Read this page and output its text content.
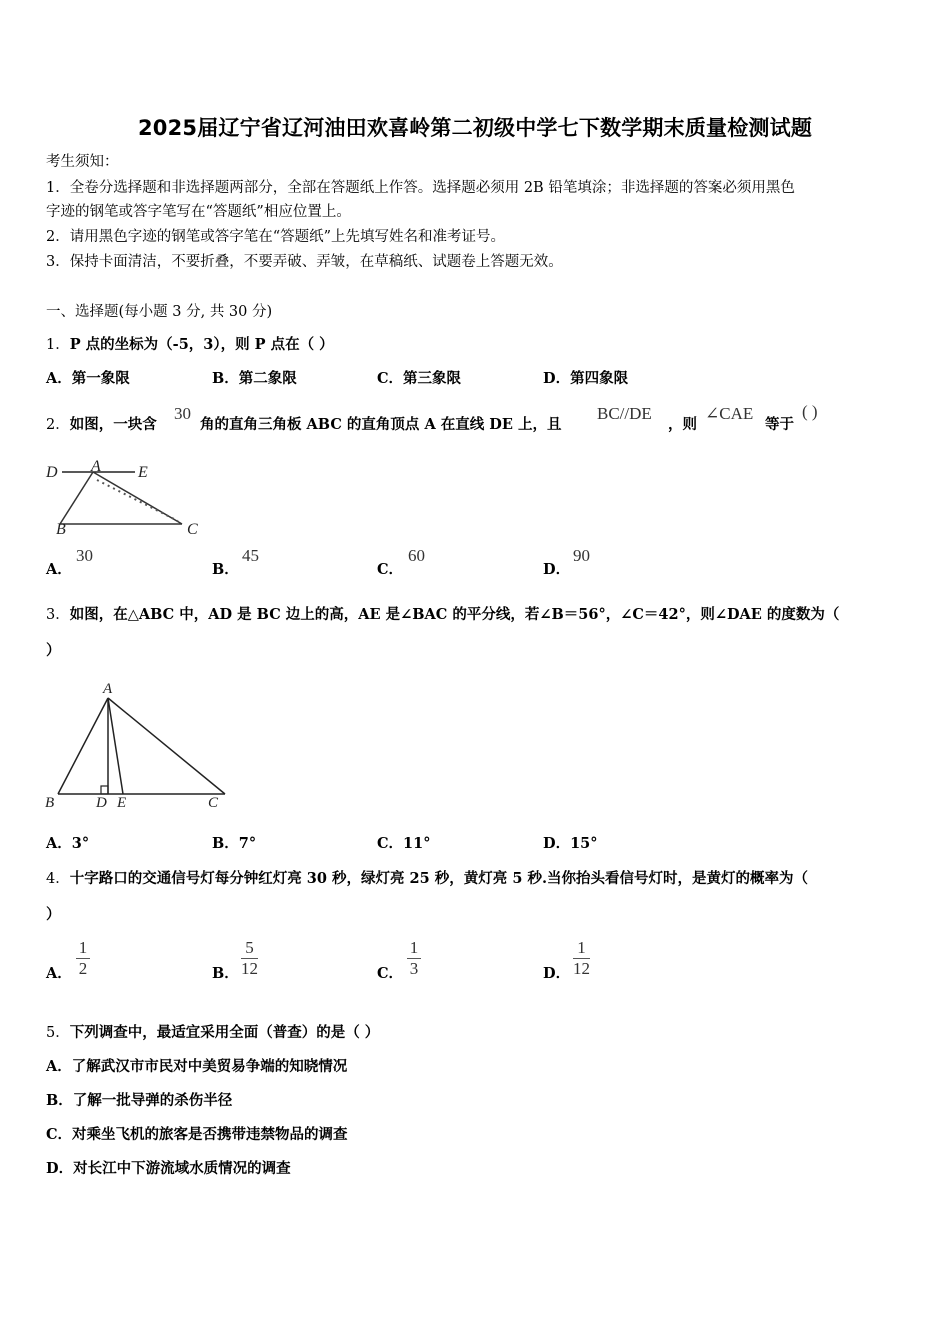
2025届辽宁省辽河油田欢喜岭第二初级中学七下数学期末质量检测试题
考生须知：
1．全卷分选择题和非选择题两部分，全部在答题纸上作答。选择题必须用 2B 铅笔填涂；非选择题的答案必须用黑色
字迹的钢笔或答字笔写在“答题纸”相应位置上。
2．请用黑色字迹的钢笔或答字笔在“答题纸”上先填写姓名和准考证号。
3．保持卡面清洁，不要折叠，不要弄破、弄皱，在草稿纸、试题卷上答题无效。
一、选择题(每小题 3 分, 共 30 分)
1．P 点的坐标为（-5，3），则 P 点在（ ）
A．第一象限	B．第二象限	C．第三象限	D．第四象限
2．如图，一块含
30
角的直角三角板 ABC 的直角顶点 A 在直线 DE 上，且
BC//DE
，则
∠CAE
等于
( )
D A E
B	C
A．
30
B．
45
C．
60
D．
90
3．如图，在△ABC 中，AD 是 BC 边上的高，AE 是∠BAC 的平分线，若∠B＝56°，∠C＝42°，则∠DAE 的度数为（
）
A
B	D E	C
A．3°	B．7°	C．11°	D．15°
4．十字路口的交通信号灯每分钟红灯亮 30 秒，绿灯亮 25 秒，黄灯亮 5 秒.当你抬头看信号灯时，是黄灯的概率为（
）
A．
1
2	B．
5
12	C．
1
3	D．
1
12
5．下列调查中，最适宜采用全面（普查）的是（ ）
A．了解武汉市市民对中美贸易争端的知晓情况
B．了解一批导弹的杀伤半径
C．对乘坐飞机的旅客是否携带违禁物品的调查
D．对长江中下游流域水质情况的调查
